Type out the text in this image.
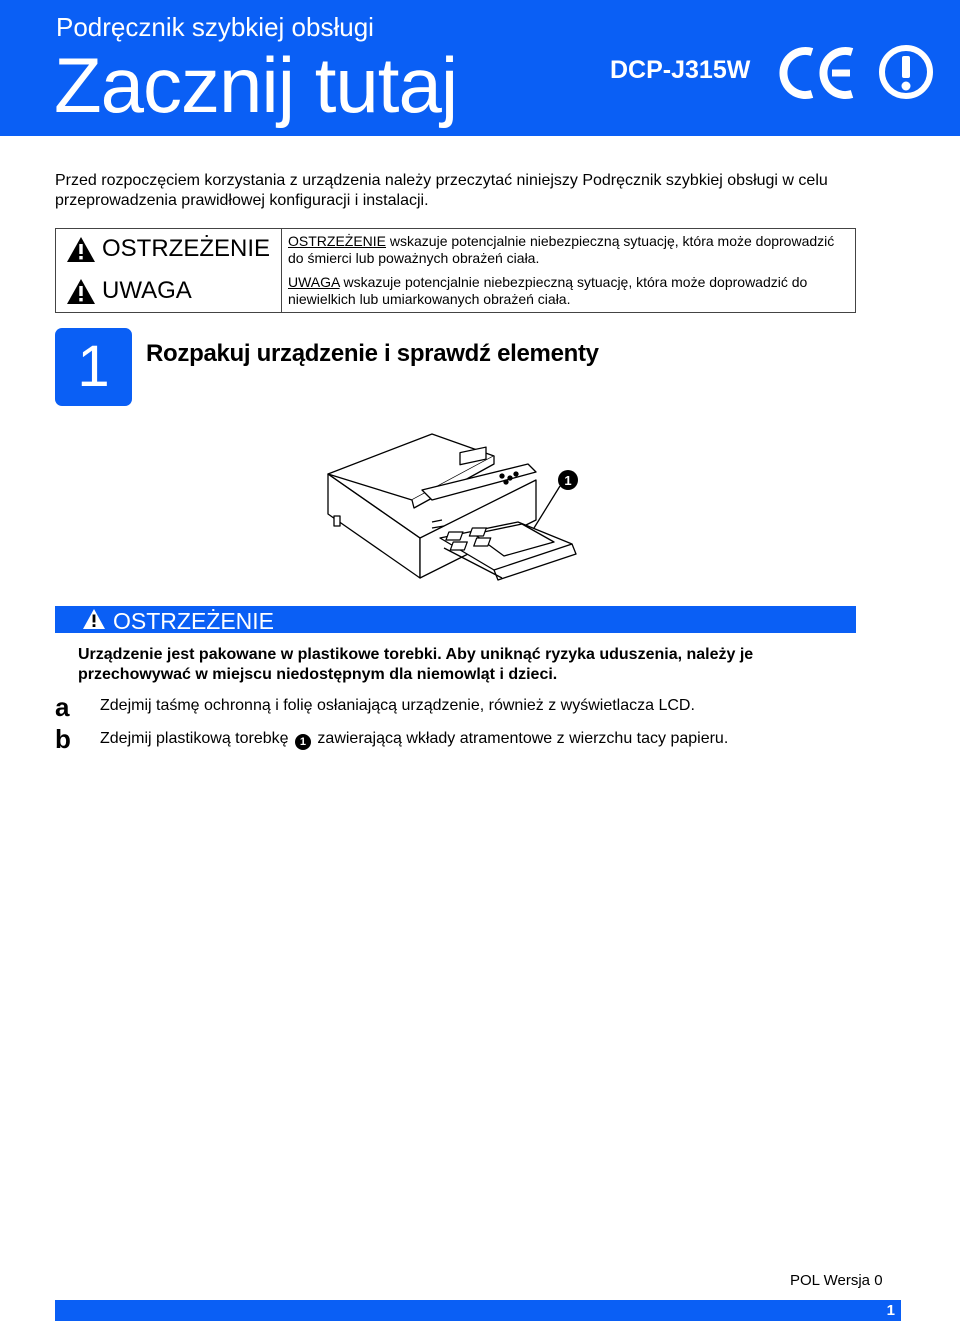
Podręcznik szybkiej obsługi
Zacznij tutaj	DCP-J315W

Przed rozpoczęciem korzystania z urządzenia należy przeczytać niniejszy Podręcznik szybkiej obsługi w celu przeprowadzenia prawidłowej konfiguracji i instalacji.

OSTRZEŻENIE
UWAGA

OSTRZEŻENIE wskazuje potencjalnie niebezpieczną sytuację, która może doprowadzić do śmierci lub poważnych obrażeń ciała.

UWAGA wskazuje potencjalnie niebezpieczną sytuację, która może doprowadzić do niewielkich lub umiarkowanych obrażeń ciała.

1	Rozpakuj urządzenie i sprawdź elementy
1
OSTRZEŻENIE

Urządzenie jest pakowane w plastikowe torebki. Aby uniknąć ryzyka uduszenia, należy je przechowywać w miejscu niedostępnym dla niemowląt i dzieci.

a Zdejmij taśmę ochronną i folię osłaniającą urządzenie, również z wyświetlacza LCD.

b Zdejmij plastikową torebkę 1 zawierającą wkłady atramentowe z wierzchu tacy papieru.

POL Wersja 0
1
